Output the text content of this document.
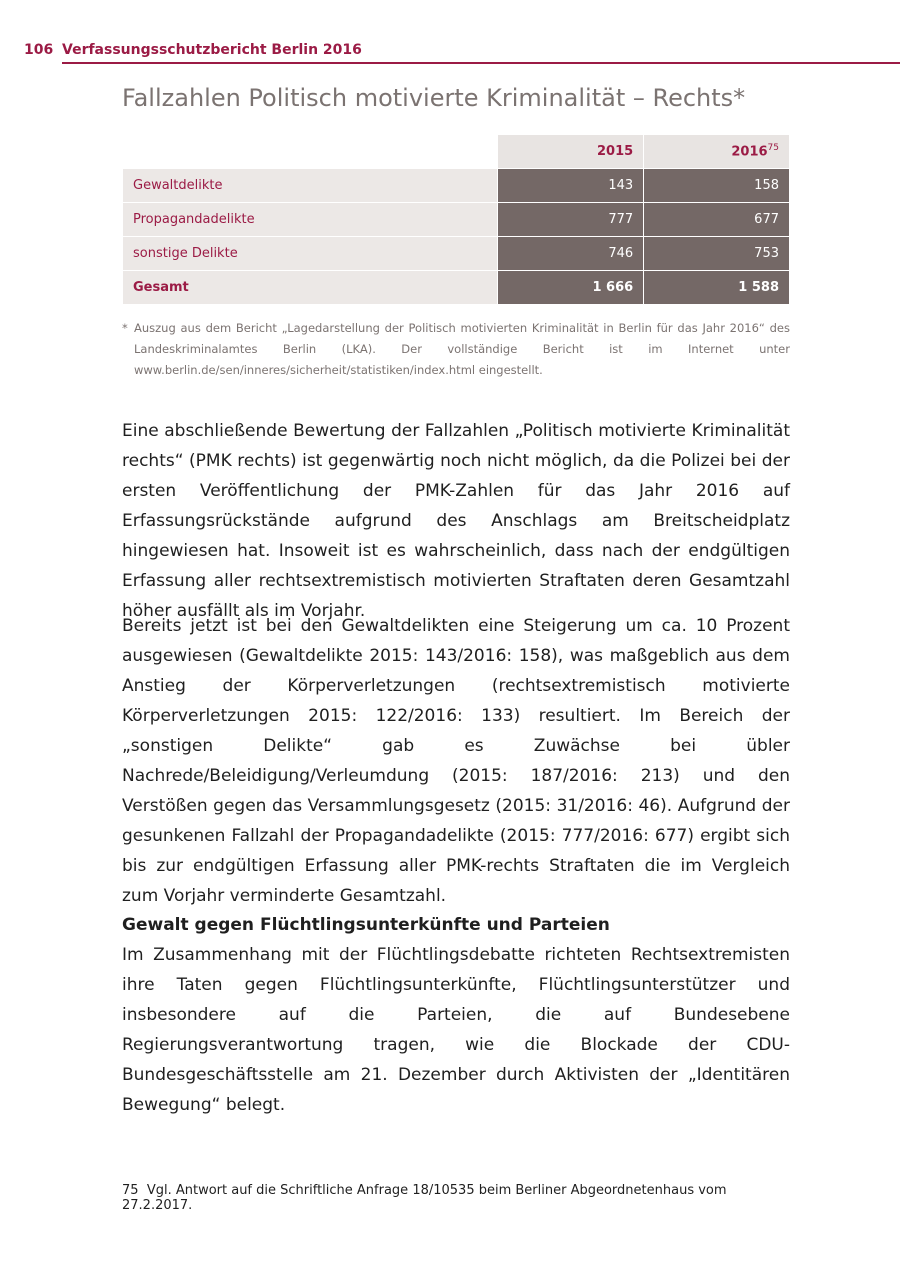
106 Verfassungsschutzbericht Berlin 2016
Fallzahlen Politisch motivierte Kriminalität – Rechts*
	2015	2016$^{75}$
Gewaltdelikte	143	158
Propagandadelikte	777	677
sonstige Delikte	746	753
Gesamt	1 666	1 588
* Auszug aus dem Bericht „Lagedarstellung der Politisch motivierten Kriminalität in Berlin für das Jahr 2016“ des Landeskriminalamtes Berlin (LKA). Der vollständige Bericht ist im Internet unter www.berlin.de/sen/inneres/sicherheit/statistiken/index.html eingestellt.

Eine abschließende Bewertung der Fallzahlen „Politisch motivierte Kriminalität rechts“ (PMK rechts) ist gegenwärtig noch nicht möglich, da die Polizei bei der ersten Veröffentlichung der PMK-Zahlen für das Jahr 2016 auf Erfassungsrückstände aufgrund des Anschlags am Breitscheidplatz hingewiesen hat. Insoweit ist es wahrscheinlich, dass nach der endgültigen Erfassung aller rechtsextremistisch motivierten Straftaten deren Gesamtzahl höher ausfällt als im Vorjahr.

Bereits jetzt ist bei den Gewaltdelikten eine Steigerung um ca. 10 Prozent ausgewiesen (Gewaltdelikte 2015: 143/2016: 158), was maßgeblich aus dem Anstieg der Körperverletzungen (rechtsextremistisch motivierte Körperverletzungen 2015: 122/2016: 133) resultiert. Im Bereich der „sonstigen Delikte“ gab es Zuwächse bei übler Nachrede/Beleidigung/Verleumdung (2015: 187/2016: 213) und den Verstößen gegen das Versammlungsgesetz (2015: 31/2016: 46). Aufgrund der gesunkenen Fallzahl der Propagandadelikte (2015: 777/2016: 677) ergibt sich bis zur endgültigen Erfassung aller PMK-rechts Straftaten die im Vergleich zum Vorjahr verminderte Gesamtzahl.

Gewalt gegen Flüchtlingsunterkünfte und Parteien

Im Zusammenhang mit der Flüchtlingsdebatte richteten Rechtsextremisten ihre Taten gegen Flüchtlingsunterkünfte, Flüchtlingsunterstützer und insbesondere auf die Parteien, die auf Bundesebene Regierungsverantwortung tragen, wie die Blockade der CDU-Bundesgeschäftsstelle am 21. Dezember durch Aktivisten der „Identitären Bewegung“ belegt.

75 Vgl. Antwort auf die Schriftliche Anfrage 18/10535 beim Berliner Abgeordnetenhaus vom 27.2.2017.
